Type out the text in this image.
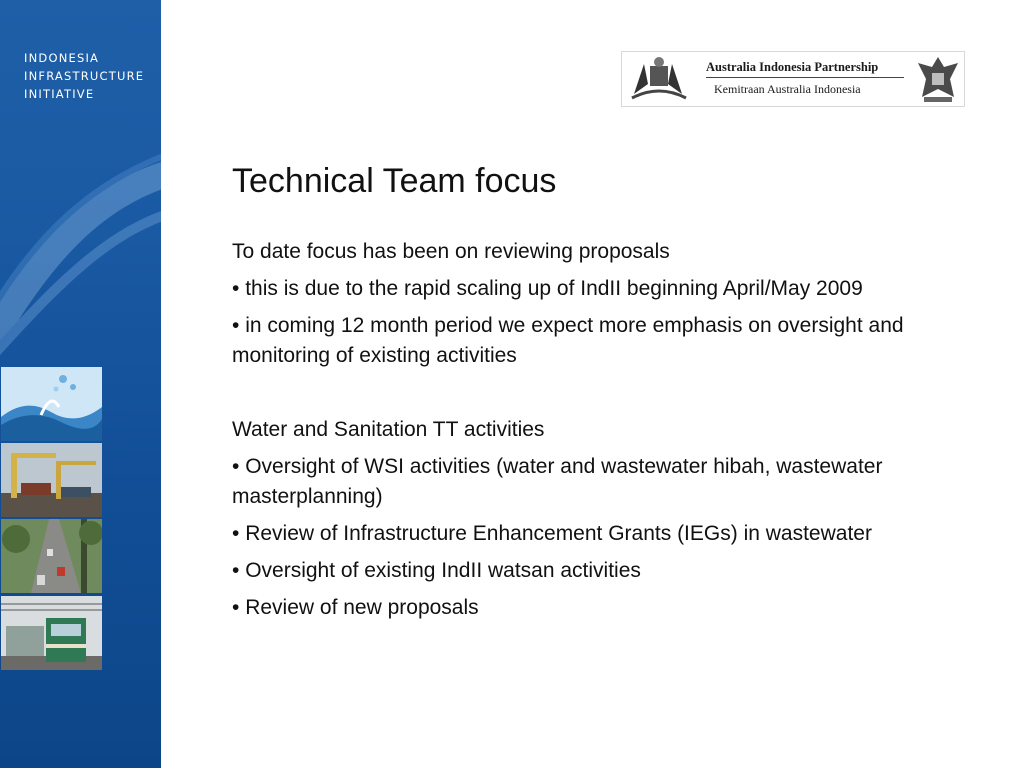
INDONESIA
INFRASTRUCTURE
INITIATIVE
Australia Indonesia Partnership
Kemitraan Australia Indonesia
Technical Team focus

To date focus has been on reviewing proposals

• this is due to the rapid scaling up of IndII beginning April/May 2009

• in coming 12 month period we expect more emphasis on oversight and monitoring of existing activities

Water and Sanitation TT activities

• Oversight of WSI activities (water and wastewater hibah, wastewater masterplanning)

• Review of Infrastructure Enhancement Grants (IEGs) in wastewater

• Oversight of existing IndII watsan activities

• Review of new proposals
